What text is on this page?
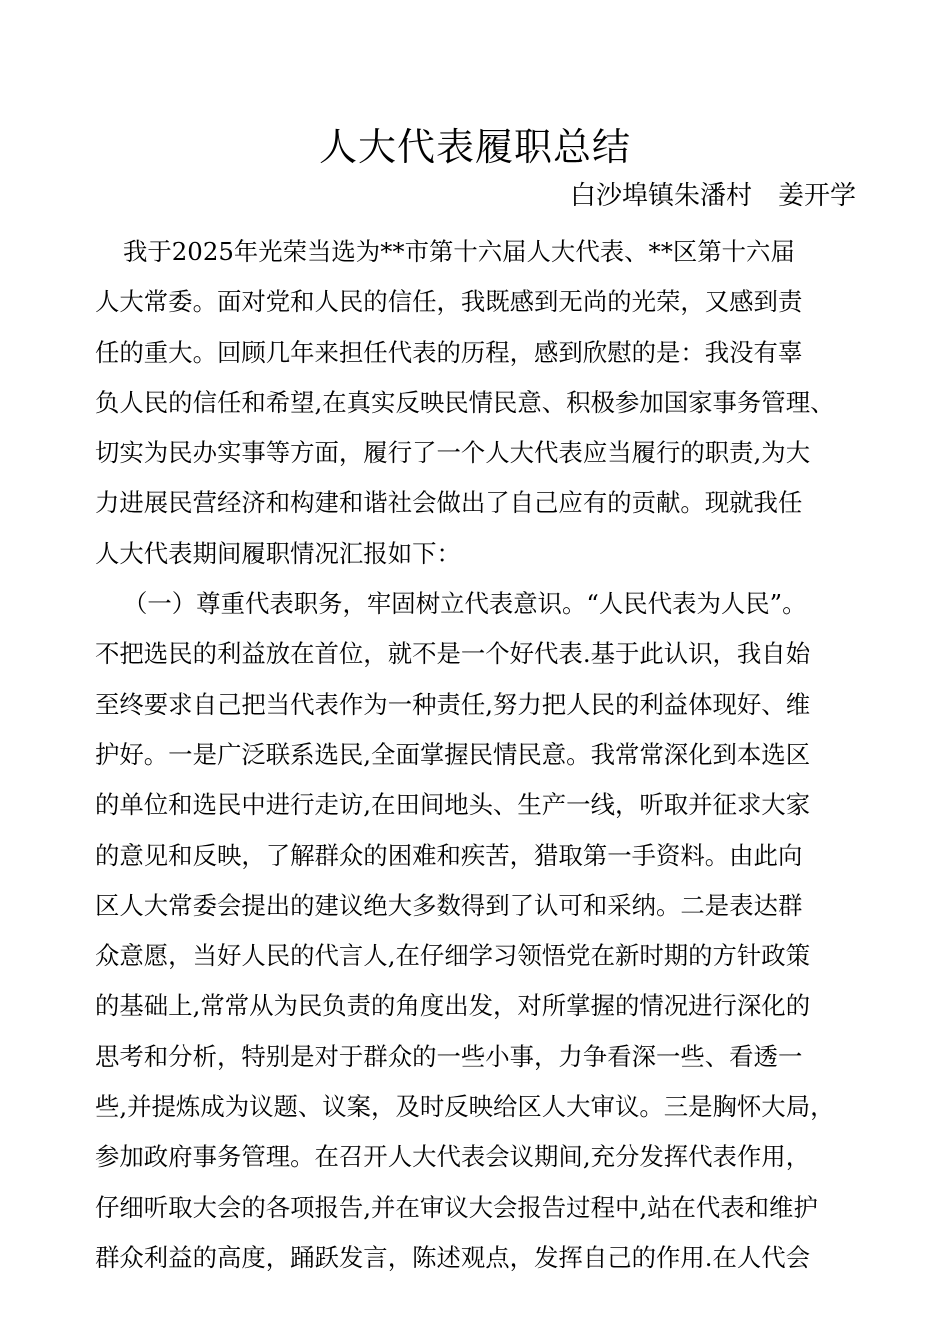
人大代表履职总结

白沙埠镇朱潘村　姜开学

我于2025年光荣当选为**市第十六届人大代表、**区第十六届
人大常委。面对党和人民的信任，我既感到无尚的光荣，又感到责
任的重大。回顾几年来担任代表的历程，感到欣慰的是：我没有辜
负人民的信任和希望,在真实反映民情民意、积极参加国家事务管理、
切实为民办实事等方面，履行了一个人大代表应当履行的职责,为大
力进展民营经济和构建和谐社会做出了自己应有的贡献。现就我任
人大代表期间履职情况汇报如下：
（一）尊重代表职务，牢固树立代表意识。“人民代表为人民”。
不把选民的利益放在首位，就不是一个好代表.基于此认识，我自始
至终要求自己把当代表作为一种责任,努力把人民的利益体现好、维
护好。一是广泛联系选民,全面掌握民情民意。我常常深化到本选区
的单位和选民中进行走访,在田间地头、生产一线，听取并征求大家
的意见和反映，了解群众的困难和疾苦，猎取第一手资料。由此向
区人大常委会提出的建议绝大多数得到了认可和采纳。二是表达群
众意愿，当好人民的代言人,在仔细学习领悟党在新时期的方针政策
的基础上,常常从为民负责的角度出发，对所掌握的情况进行深化的
思考和分析，特别是对于群众的一些小事，力争看深一些、看透一
些,并提炼成为议题、议案，及时反映给区人大审议。三是胸怀大局，
参加政府事务管理。在召开人大代表会议期间,充分发挥代表作用，
仔细听取大会的各项报告,并在审议大会报告过程中,站在代表和维护
群众利益的高度，踊跃发言，陈述观点，发挥自己的作用.在人代会
